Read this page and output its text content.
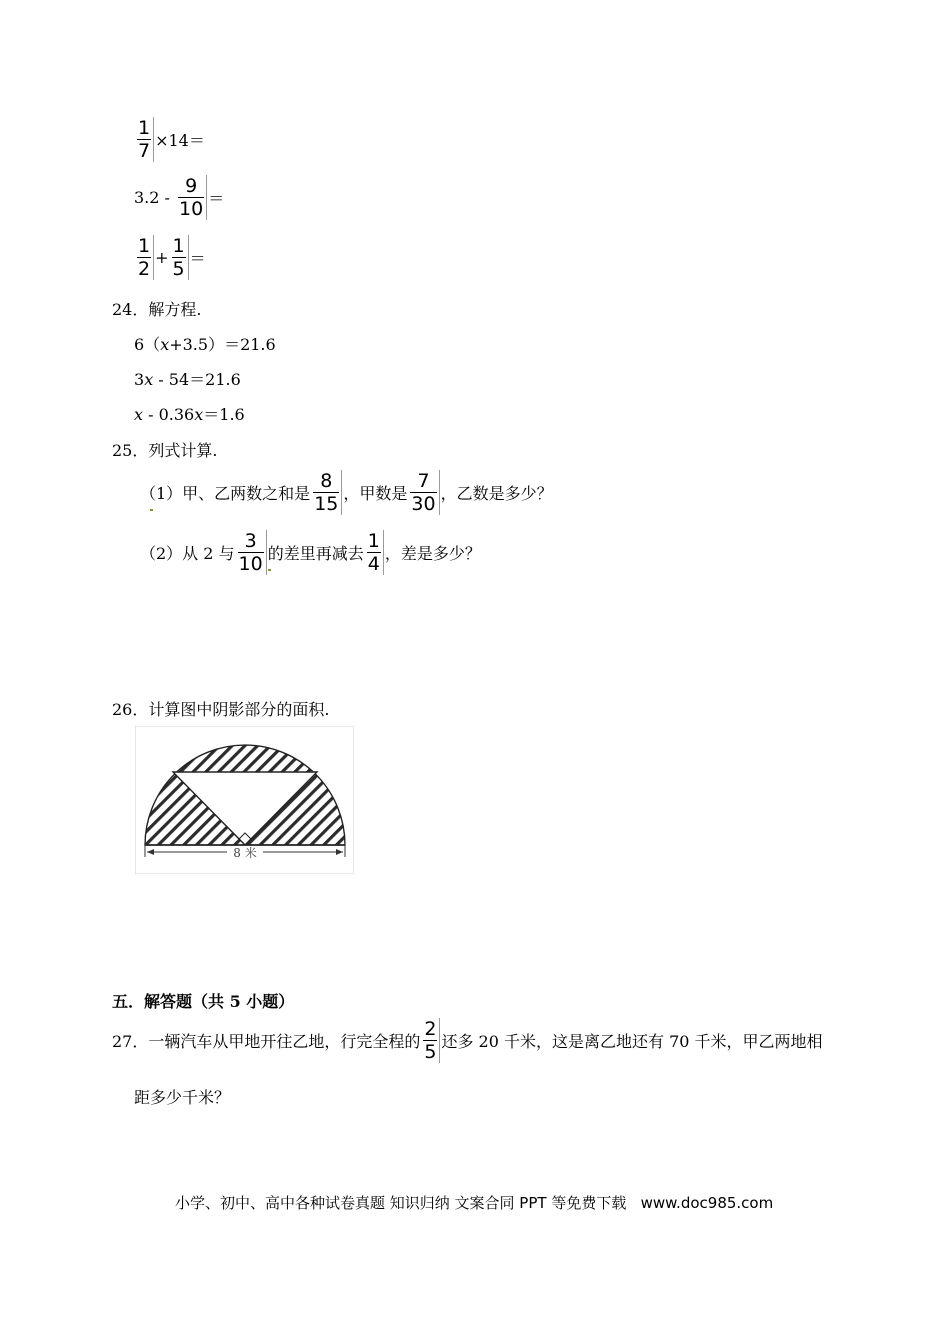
$\frac{1}{7} \times 14=$
$3.2 - \frac{9}{10}$ ＝
$\frac{1}{2} + \frac{1}{5}$ ＝
24．解方程.
6（x+3.5）＝21.6
3x - 54＝21.6
x - 0.36x＝1.6
25．列式计算.
（1）甲、乙两数之和是 $\frac{8}{15}$ ，甲数是 $\frac{7}{30}$ ，乙数是多少？
（2）从 2 与 $\frac{3}{10}$ 的差里再减去 $\frac{1}{4}$ ，差是多少？
26．计算图中阴影部分的面积.
8 米
五．解答题（共 5 小题）
27．一辆汽车从甲地开往乙地，行完全程的 $\frac{2}{5}$ 还多 20 千米，这是离乙地还有 70 千米，甲乙两地相
距多少千米？
小学、初中、高中各种试卷真题 知识归纳 文案合同 PPT 等免费下载   www.doc985.com
